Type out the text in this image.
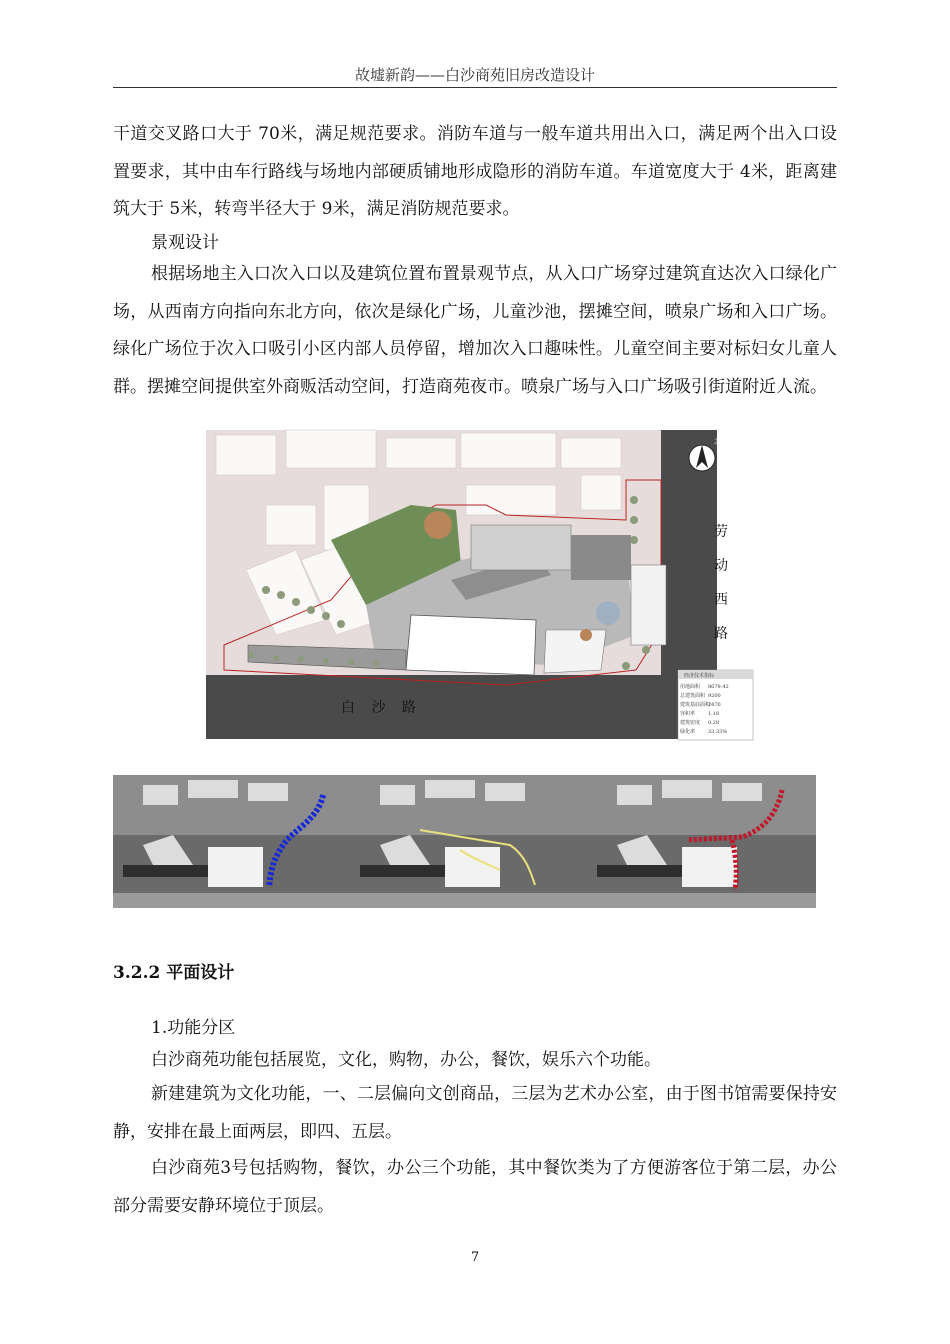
故墟新韵——白沙商苑旧房改造设计

干道交叉路口大于 70米，满足规范要求。消防车道与一般车道共用出入口，满足两个出入口设置要求，其中由车行路线与场地内部硬质铺地形成隐形的消防车道。车道宽度大于 4米，距离建筑大于 5米，转弯半径大于 9米，满足消防规范要求。

景观设计

根据场地主入口次入口以及建筑位置布置景观节点，从入口广场穿过建筑直达次入口绿化广场，从西南方向指向东北方向，依次是绿化广场，儿童沙池，摆摊空间，喷泉广场和入口广场。绿化广场位于次入口吸引小区内部人员停留，增加次入口趣味性。儿童空间主要对标妇女儿童人群。摆摊空间提供室外商贩活动空间，打造商苑夜市。喷泉广场与入口广场吸引街道附近人流。

北
白 沙 路
劳
动
西
路
经济技术指标
用地面积 8679.42
总建筑面积 9200
建筑基底面积
2470
容积率	1.18
建筑密度 0.28
绿化率	33.33%
3.2.2 平面设计

1.功能分区

白沙商苑功能包括展览，文化，购物，办公，餐饮，娱乐六个功能。

新建建筑为文化功能，一、二层偏向文创商品，三层为艺术办公室，由于图书馆需要保持安静，安排在最上面两层，即四、五层。

白沙商苑3号包括购物，餐饮，办公三个功能，其中餐饮类为了方便游客位于第二层，办公部分需要安静环境位于顶层。

7
